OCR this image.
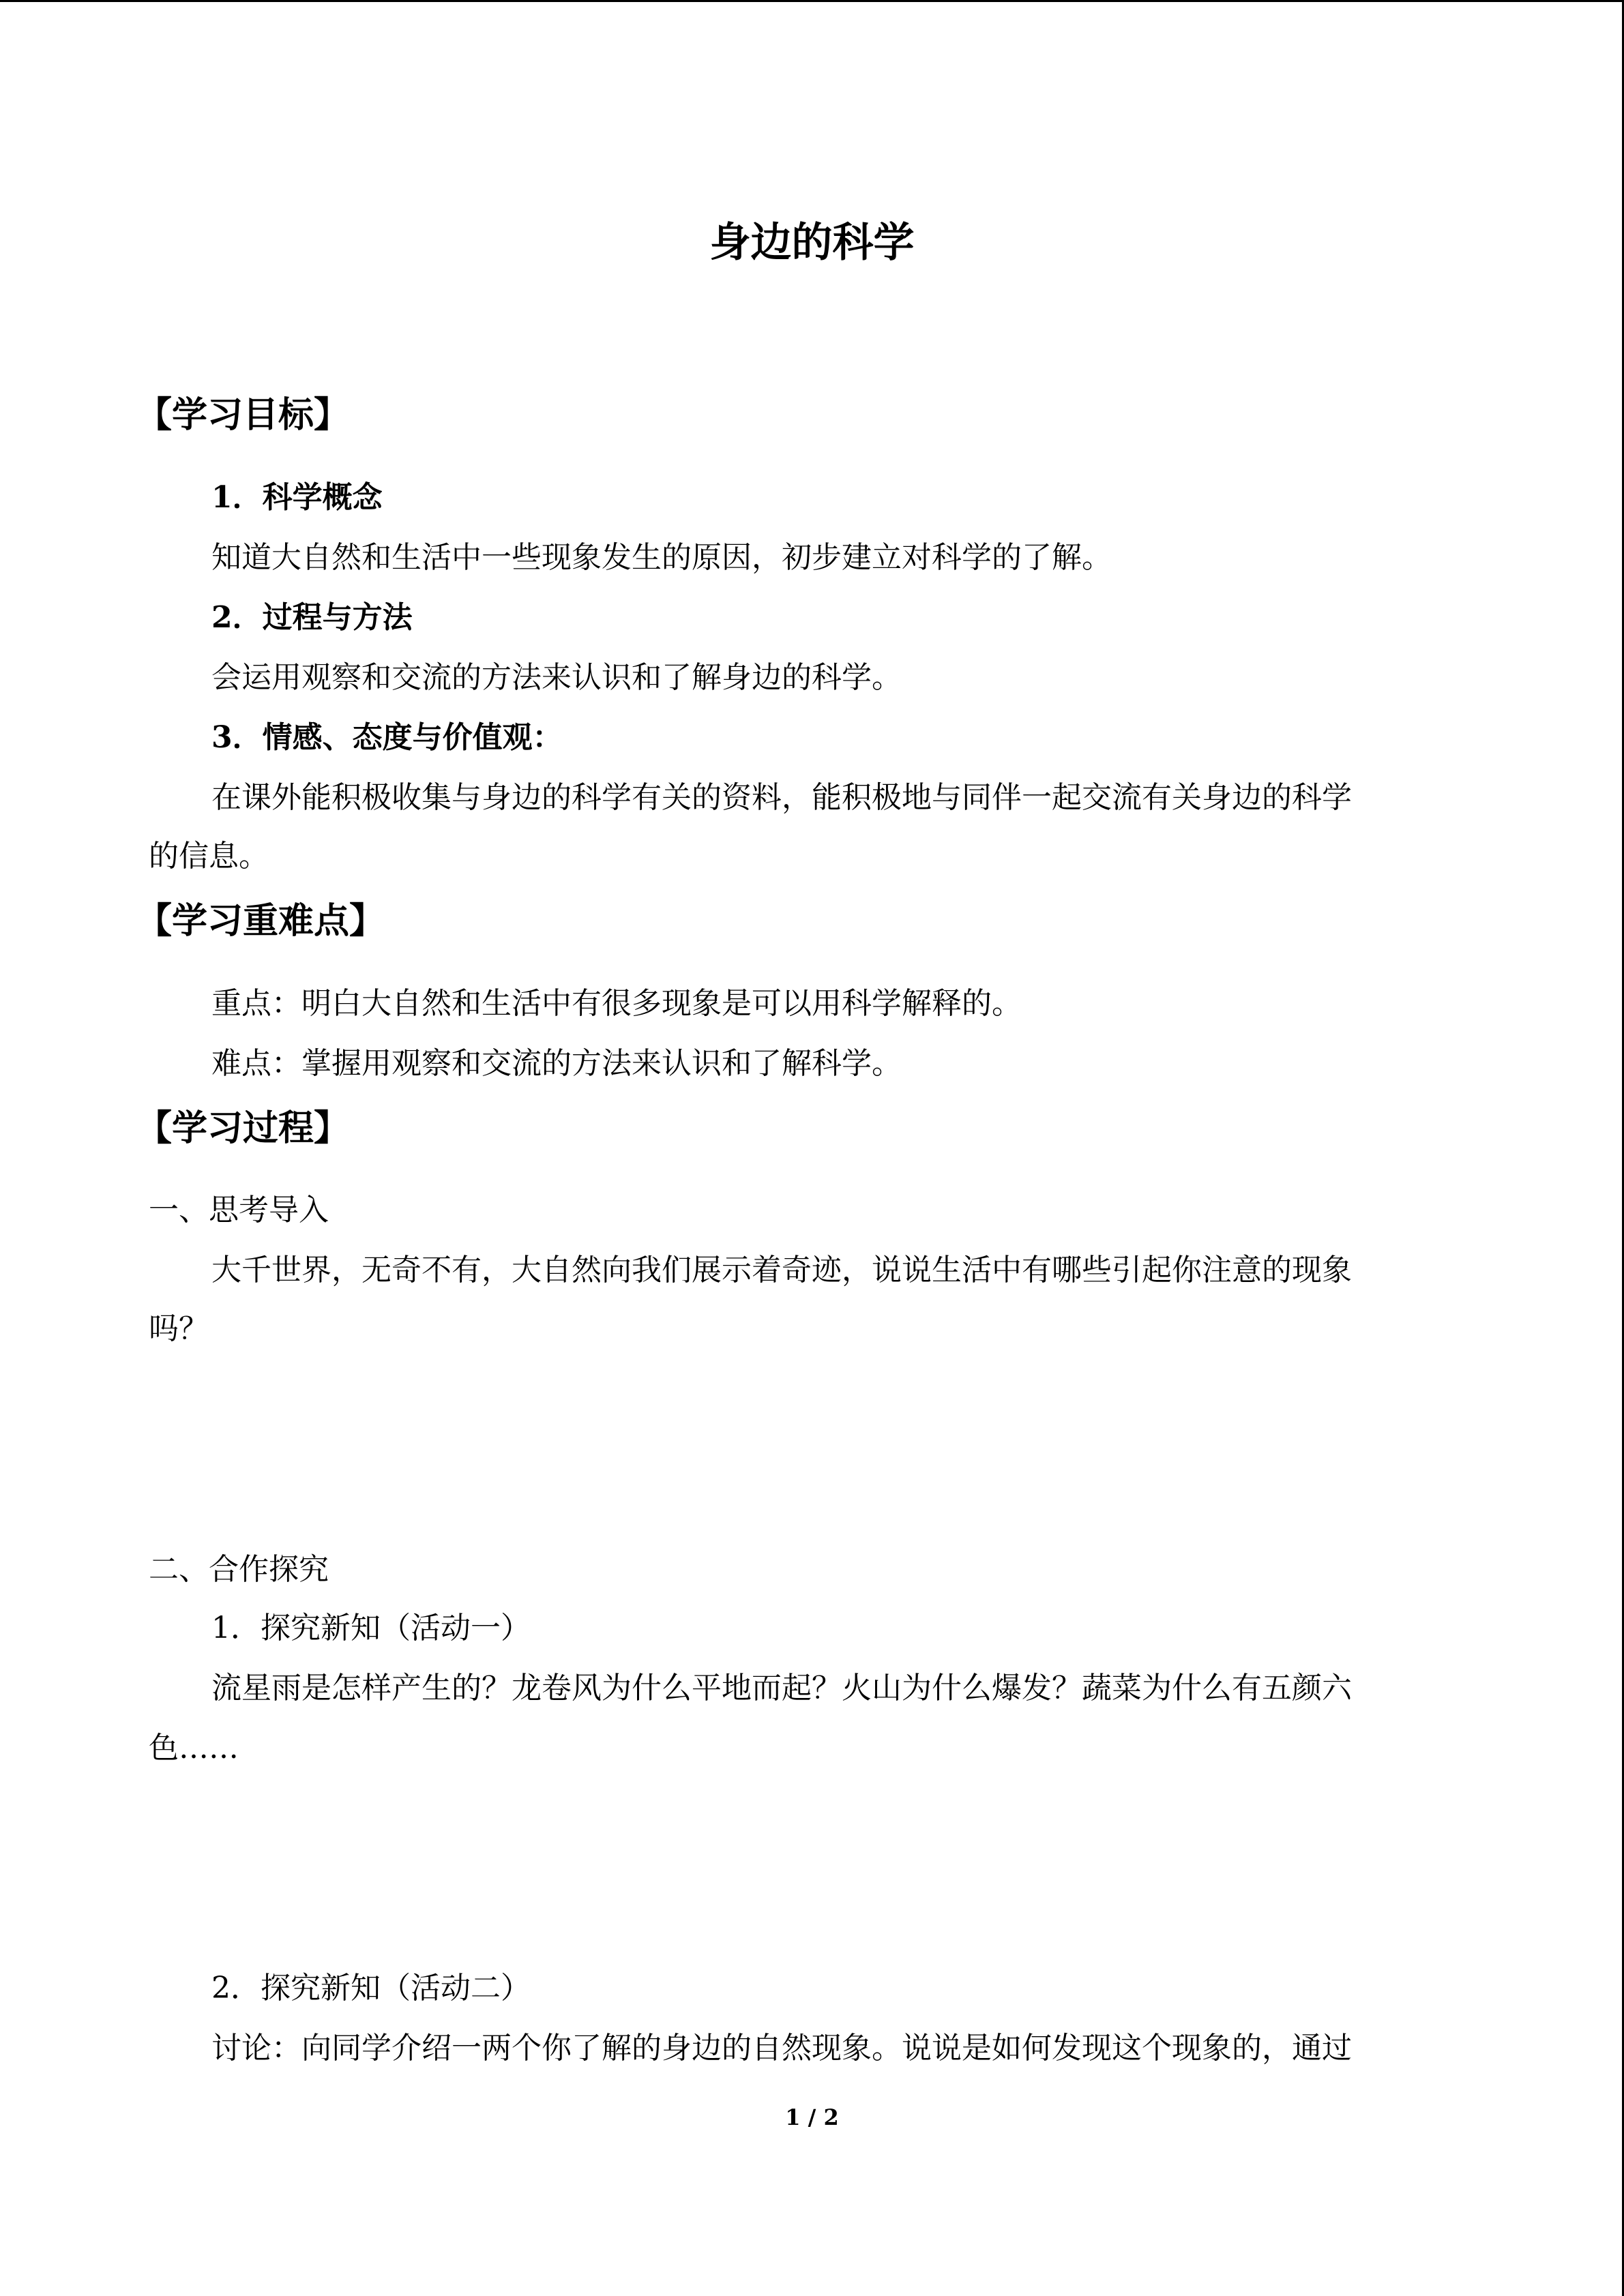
身边的科学
【学习目标】
1．科学概念
知道大自然和生活中一些现象发生的原因，初步建立对科学的了解。
2．过程与方法
会运用观察和交流的方法来认识和了解身边的科学。
3．情感、态度与价值观：
在课外能积极收集与身边的科学有关的资料，能积极地与同伴一起交流有关身边的科学
的信息。
【学习重难点】
重点：明白大自然和生活中有很多现象是可以用科学解释的。
难点：掌握用观察和交流的方法来认识和了解科学。
【学习过程】
一、思考导入
大千世界，无奇不有，大自然向我们展示着奇迹，说说生活中有哪些引起你注意的现象
吗？
二、合作探究
1．探究新知（活动一）
流星雨是怎样产生的？龙卷风为什么平地而起？火山为什么爆发？蔬菜为什么有五颜六
色……
2．探究新知（活动二）
讨论：向同学介绍一两个你了解的身边的自然现象。说说是如何发现这个现象的，通过
1 / 2
